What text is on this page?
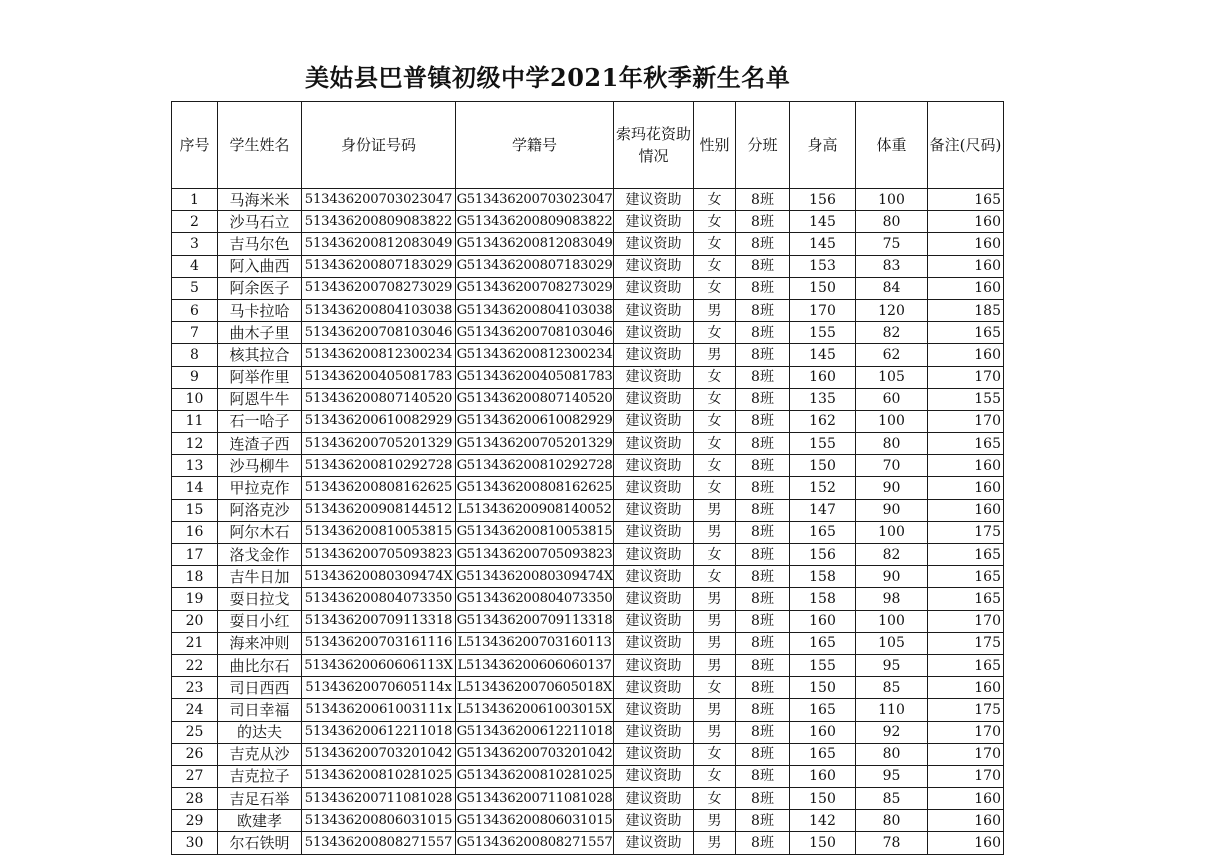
美姑县巴普镇初级中学2021年秋季新生名单
序号	学生姓名	身份证号码	学籍号	索玛花资助情况	性别	分班	身高	体重	备注(尺码)
1	马海米米	513436200703023047	G513436200703023047	建议资助	女	8班	156	100	165
2	沙马石立	513436200809083822	G513436200809083822	建议资助	女	8班	145	80	160
3	吉马尔色	513436200812083049	G513436200812083049	建议资助	女	8班	145	75	160
4	阿入曲西	513436200807183029	G513436200807183029	建议资助	女	8班	153	83	160
5	阿余医子	513436200708273029	G513436200708273029	建议资助	女	8班	150	84	160
6	马卡拉哈	513436200804103038	G513436200804103038	建议资助	男	8班	170	120	185
7	曲木子里	513436200708103046	G513436200708103046	建议资助	女	8班	155	82	165
8	核其拉合	513436200812300234	G513436200812300234	建议资助	男	8班	145	62	160
9	阿举作里	513436200405081783	G513436200405081783	建议资助	女	8班	160	105	170
10	阿恩牛牛	513436200807140520	G513436200807140520	建议资助	女	8班	135	60	155
11	石一哈子	513436200610082929	G513436200610082929	建议资助	女	8班	162	100	170
12	连渣子西	513436200705201329	G513436200705201329	建议资助	女	8班	155	80	165
13	沙马柳牛	513436200810292728	G513436200810292728	建议资助	女	8班	150	70	160
14	甲拉克作	513436200808162625	G513436200808162625	建议资助	女	8班	152	90	160
15	阿洛克沙	513436200908144512	L513436200908140052	建议资助	男	8班	147	90	160
16	阿尔木石	513436200810053815	G513436200810053815	建议资助	男	8班	165	100	175
17	洛戈金作	513436200705093823	G513436200705093823	建议资助	女	8班	156	82	165
18	吉牛日加	51343620080309474X	G51343620080309474X	建议资助	女	8班	158	90	165
19	耍日拉戈	513436200804073350	G513436200804073350	建议资助	男	8班	158	98	165
20	耍日小红	513436200709113318	G513436200709113318	建议资助	男	8班	160	100	170
21	海来冲则	513436200703161116	L513436200703160113	建议资助	男	8班	165	105	175
22	曲比尔石	51343620060606113X	L513436200606060137	建议资助	男	8班	155	95	165
23	司日西西	51343620070605114x	L51343620070605018X	建议资助	女	8班	150	85	160
24	司日幸福	51343620061003111x	L51343620061003015X	建议资助	男	8班	165	110	175
25	的达夫	513436200612211018	G513436200612211018	建议资助	男	8班	160	92	170
26	吉克从沙	513436200703201042	G513436200703201042	建议资助	女	8班	165	80	170
27	吉克拉子	513436200810281025	G513436200810281025	建议资助	女	8班	160	95	170
28	吉足石举	513436200711081028	G513436200711081028	建议资助	女	8班	150	85	160
29	欧建孝	513436200806031015	G513436200806031015	建议资助	男	8班	142	80	160
30	尔石铁明	513436200808271557	G513436200808271557	建议资助	男	8班	150	78	160
